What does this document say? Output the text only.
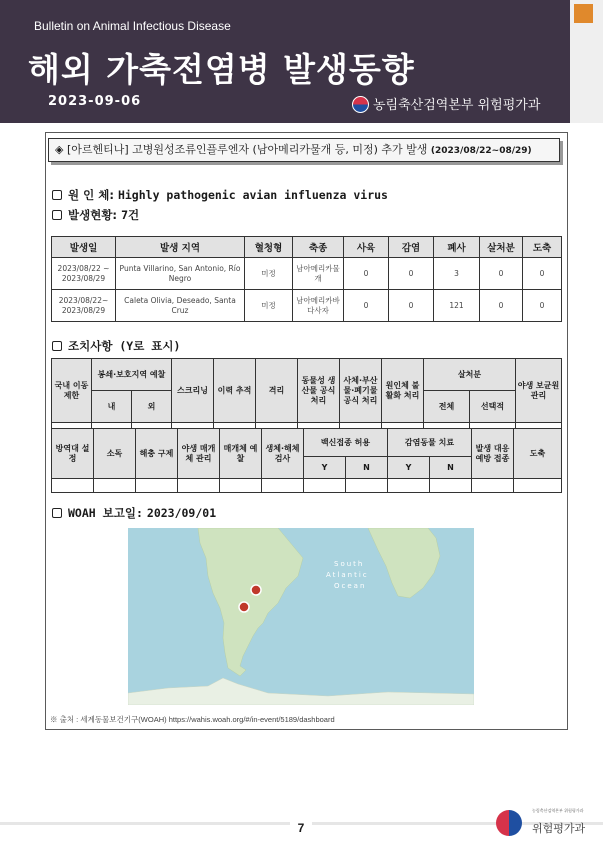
Bulletin on Animal Infectious Disease
해외 가축전염병 발생동향
2023-09-06	농림축산검역본부 위험평가과
◈ [아르헨티나] 고병원성조류인플루엔자 (남아메리카물개 등, 미정) 추가 발생 (2023/08/22~08/29)
원 인 체: Highly pathogenic avian influenza virus
발생현황: 7건
발생일	발생 지역	혈청형	축종	사육	감염	폐사	살처분	도축
2023/08/22 ~ 2023/08/29	Punta Villarino, San Antonio, Río Negro	미정	남아메리카물개	0	0	3	0	0
2023/08/22~ 2023/08/29	Caleta Olivia, Deseado, Santa Cruz	미정	남아메리카바다사자	0	0	121	0	0
조치사항 (Y로 표시)
국내 이동 제한	봉쇄·보호지역 예찰		스크리닝	이력 추적	격리	동물성 생산물 공식 처리	사체·부산물·폐기물 공식 처리	원인체 불활화 처리	살처분		야생 보균원 관리
	내	외							전체	선택적	

방역대 설정	소독	해충 구제	야생 매개체 관리	매개체 예찰	생체·해체 검사	백신접종 허용		감염동물 치료		발생 대응 예방 접종	도축
						Y	N	Y	N		

WOAH 보고일: 2023/09/01
South
Atlantic
Ocean
※ 출처 : 세계동물보건기구(WOAH) https://wahis.woah.org/#/in-event/5189/dashboard
7
농림축산검역본부 위험평가과
위험평가과
